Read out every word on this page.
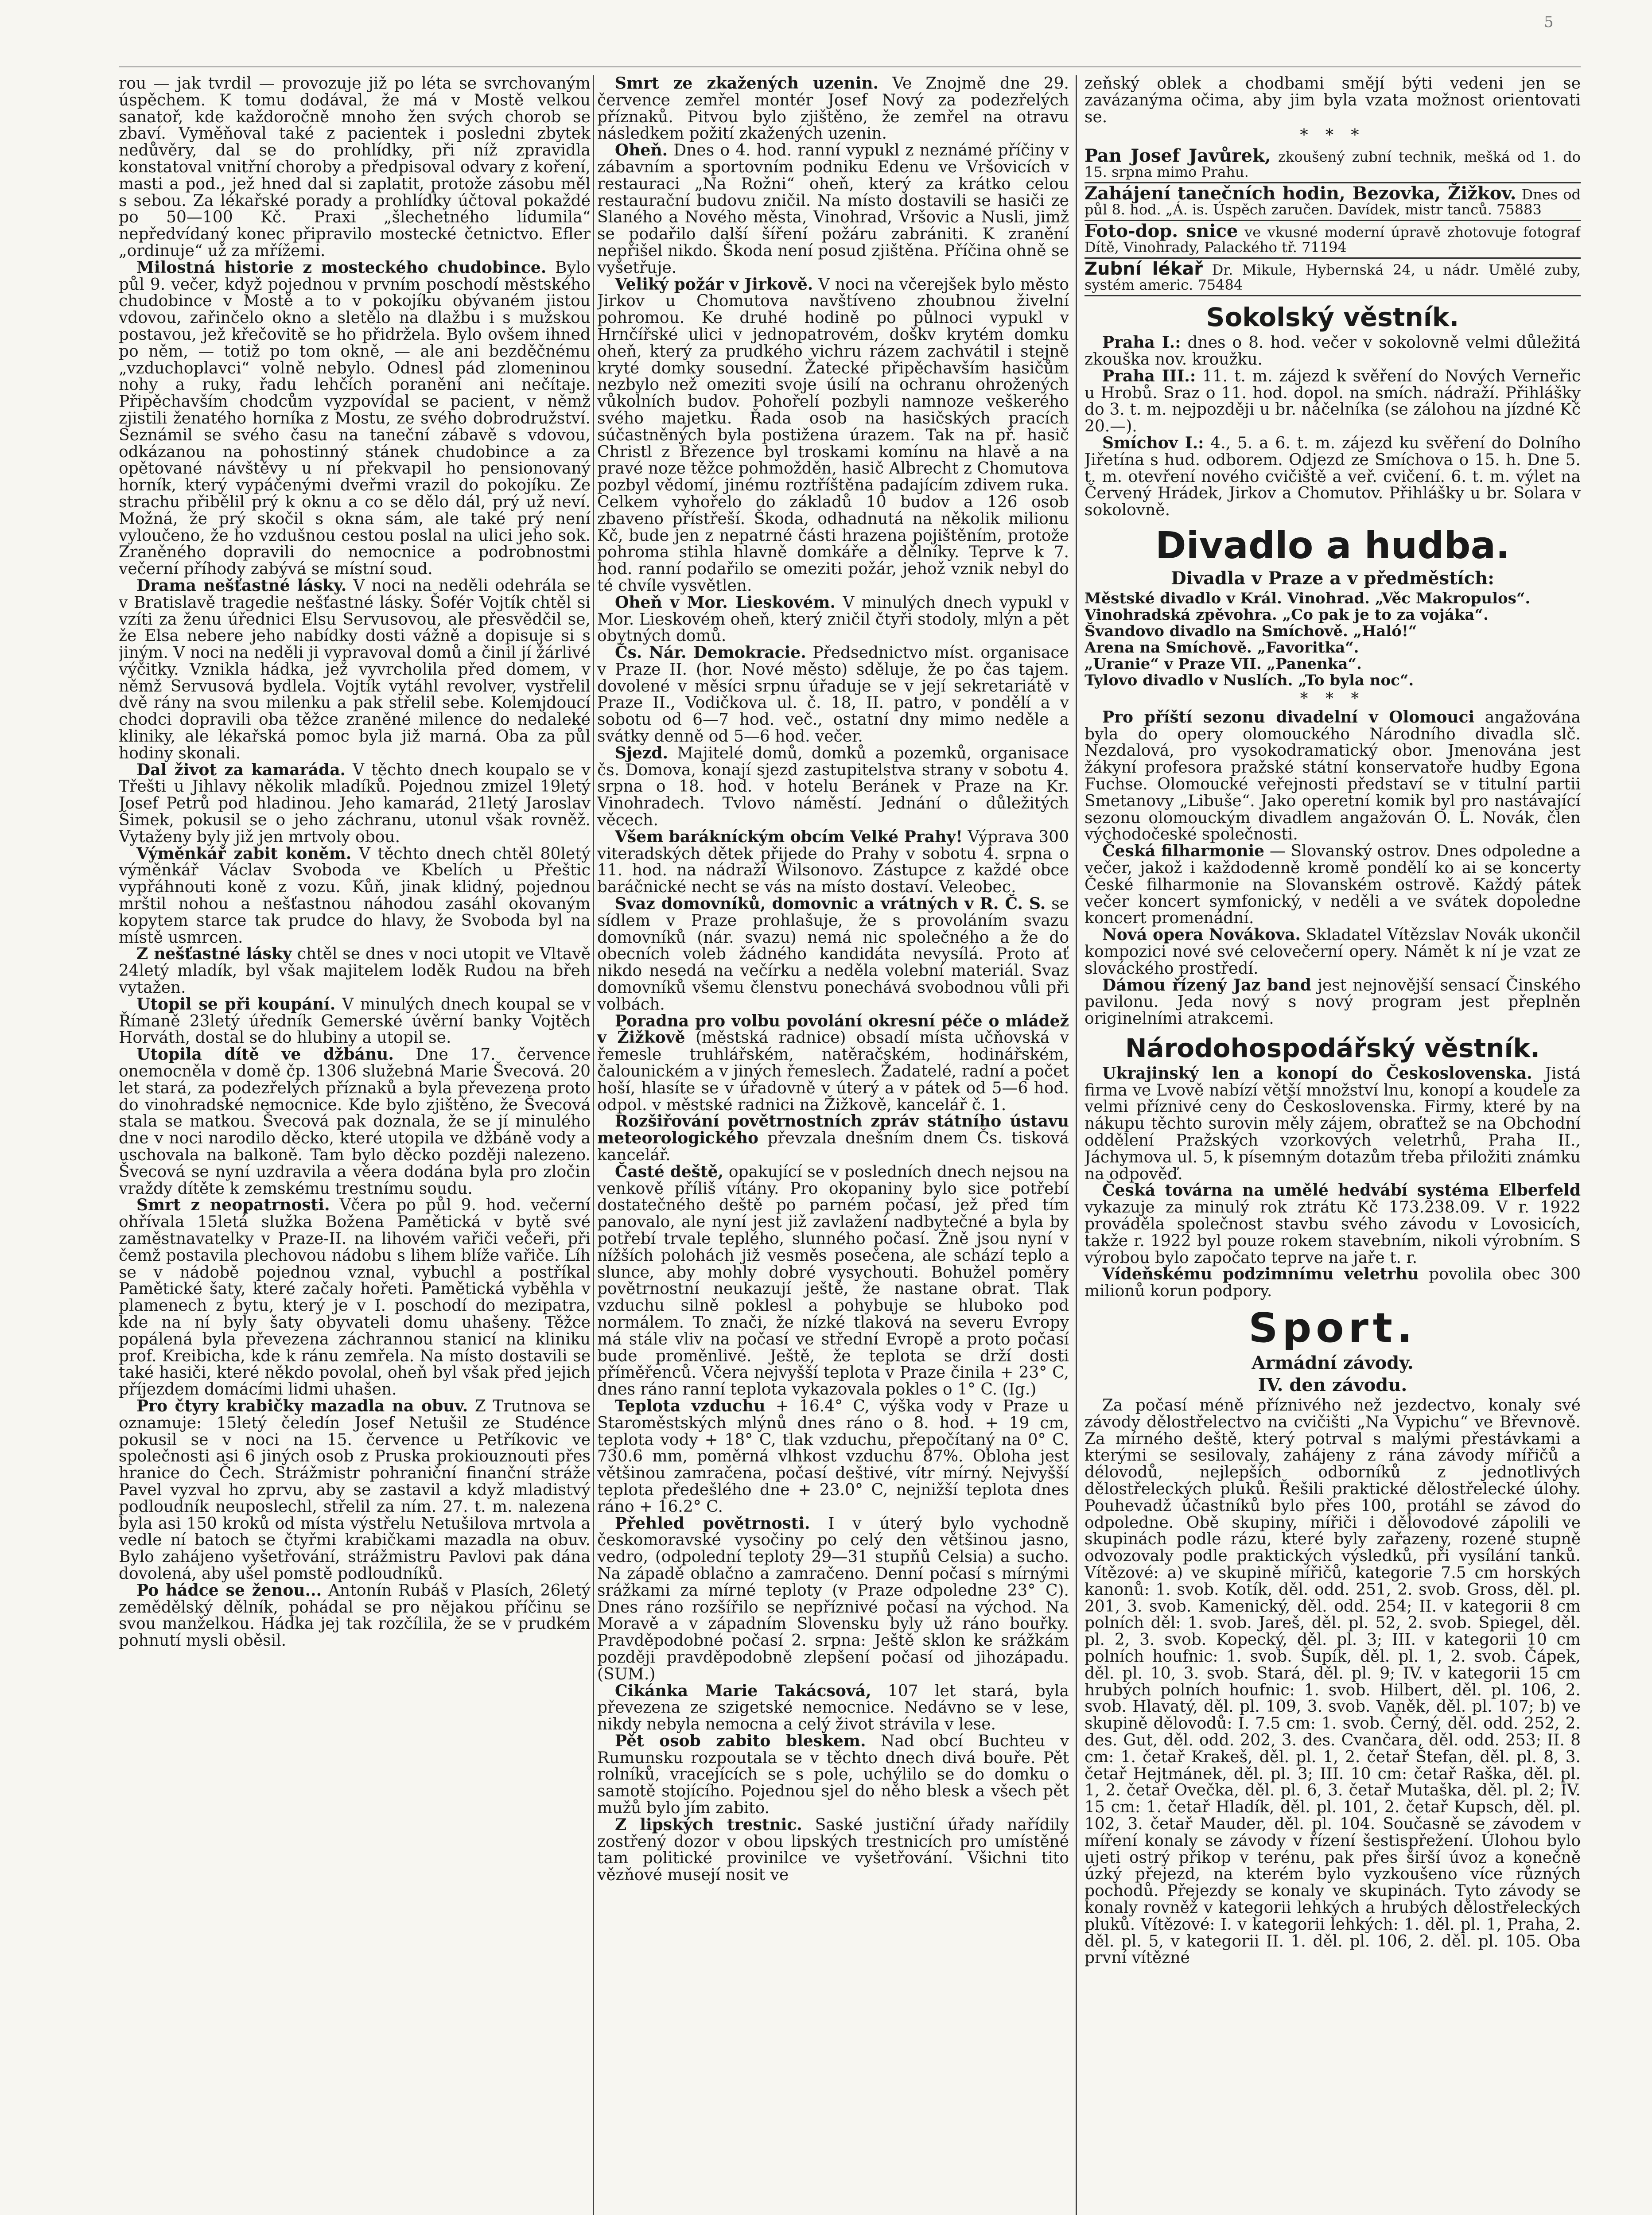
5

rou — jak tvrdil — provozuje již po léta se svrchovaným úspěchem. K tomu dodával, že má v Mostě velkou sanatoř, kde každoročně mnoho žen svých chorob se zbaví. Vyměňoval také z pacientek i posledni zbytek nedůvěry, dal se do prohlídky, při níž zpravidla konstatoval vnitřní choroby a předpisoval odvary z koření, masti a pod., jež hned dal si zaplatit, protože zásobu měl s sebou. Za lékařské porady a prohlídky účtoval pokaždé po 50—100 Kč. Praxi „šlechetného lidumila“ nepředvídaný konec připravilo mostecké četnictvo. Efler „ordinuje“ už za mřížemi.

Milostná historie z mosteckého chudobince. Bylo půl 9. večer, když pojednou v prvním poschodí městského chudobince v Mostě a to v pokojíku obývaném jistou vdovou, zařinčelo okno a sletělo na dlažbu i s mužskou postavou, jež křečovitě se ho přidržela. Bylo ovšem ihned po něm, — totiž po tom okně, — ale ani bezděčnému „vzduchoplavci“ volně nebylo. Odnesl pád zlomeninou nohy a ruky, řadu lehčích poranění ani nečítaje. Připěchavším chodcům vyzpovídal se pacient, v němž zjistili ženatého horníka z Mostu, ze svého dobrodružství. Seznámil se svého času na taneční zábavě s vdovou, odkázanou na pohostinný stánek chudobince a za opětované návštěvy u ní překvapil ho pensionovaný horník, který vypáčenými dveřmi vrazil do pokojíku. Ze strachu přibělil prý k oknu a co se dělo dál, prý už neví. Možná, že prý skočil s okna sám, ale také prý není vyloučeno, že ho vzdušnou cestou poslal na ulici jeho sok. Zraněného dopravili do nemocnice a podrobnostmi večerní příhody zabývá se místní soud.

Drama nešťastné lásky. V noci na neděli odehrála se v Bratislavě tragedie nešťastné lásky. Šofér Vojtík chtěl si vzíti za ženu úřednici Elsu Servusovou, ale přesvědčil se, že Elsa nebere jeho nabídky dosti vážně a dopisuje si s jiným. V noci na neděli ji vypravoval domů a činil jí žárlivé výčitky. Vznikla hádka, jež vyvrcholila před domem, v němž Servusová bydlela. Vojtík vytáhl revolver, vystřelil dvě rány na svou milenku a pak střelil sebe. Kolemjdoucí chodci dopravili oba těžce zraněné milence do nedaleké kliniky, ale lékařská pomoc byla již marná. Oba za půl hodiny skonali.

Dal život za kamaráda. V těchto dnech koupalo se v Třešti u Jihlavy několik mladíků. Pojednou zmizel 19letý Josef Petrů pod hladinou. Jeho kamarád, 21letý Jaroslav Šimek, pokusil se o jeho záchranu, utonul však rovněž. Vytaženy byly již jen mrtvoly obou.

Výměnkář zabit koněm. V těchto dnech chtěl 80letý výměnkář Václav Svoboda ve Kbelích u Přeštic vypřáhnouti koně z vozu. Kůň, jinak klidný, pojednou mrštil nohou a nešťastnou náhodou zasáhl okovaným kopytem starce tak prudce do hlavy, že Svoboda byl na místě usmrcen.

Z nešťastné lásky chtěl se dnes v noci utopit ve Vltavě 24letý mladík, byl však majitelem loděk Rudou na břeh vytažen.

Utopil se při koupání. V minulých dnech koupal se v Římaně 23letý úředník Gemerské úvěrní banky Vojtěch Horváth, dostal se do hlubiny a utopil se.

Utopila dítě ve džbánu. Dne 17. července onemocněla v domě čp. 1306 služebná Marie Švecová. 20 let stará, za podezřelých příznaků a byla převezena proto do vinohradské nemocnice. Kde bylo zjištěno, že Švecová stala se matkou. Švecová pak doznala, že se jí minulého dne v noci narodilo děcko, které utopila ve džbáně vody a uschovala na balkoně. Tam bylo děcko později nalezeno. Švecová se nyní uzdravila a věera dodána byla pro zločin vraždy dítěte k zemskému trestnímu soudu.

Smrt z neopatrnosti. Včera po půl 9. hod. večerní ohřívala 15letá služka Božena Pamětická v bytě své zaměstnavatelky v Praze-II. na lihovém vařiči večeři, při čemž postavila plechovou nádobu s lihem blíže vařiče. Líh se v nádobě pojednou vznal, vybuchl a postříkal Pamětické šaty, které začaly hořeti. Pamětická vyběhla v plamenech z bytu, který je v I. poschodí do mezipatra, kde na ní byly šaty obyvateli domu uhašeny. Těžce popálená byla převezena záchrannou stanicí na kliniku prof. Kreibicha, kde k ránu zemřela. Na místo dostavili se také hasiči, které někdo povolal, oheň byl však před jejich příjezdem domácími lidmi uhašen.

Pro čtyry krabičky mazadla na obuv. Z Trutnova se oznamuje: 15letý čeledín Josef Netušil ze Studénce pokusil se v noci na 15. července u Petříkovic ve společnosti asi 6 jiných osob z Pruska prokiouznouti přes hranice do Čech. Strážmistr pohraniční finanční stráže Pavel vyzval ho zprvu, aby se zastavil a když mladistvý podloudník neuposlechl, střelil za ním. 27. t. m. nalezena byla asi 150 kroků od místa výstřelu Netušilova mrtvola a vedle ní batoch se čtyřmi krabičkami mazadla na obuv. Bylo zahájeno vyšetřování, strážmistru Pavlovi pak dána dovolená, aby ušel pomstě podloudníků.

Po hádce se ženou... Antonín Rubáš v Plasích, 26letý zemědělský dělník, pohádal se pro nějakou příčinu se svou manželkou. Hádka jej tak rozčílila, že se v prudkém pohnutí mysli oběsil.

Smrt ze zkažených uzenin. Ve Znojmě dne 29. července zemřel montér Josef Nový za podezřelých příznaků. Pitvou bylo zjištěno, že zemřel na otravu následkem požití zkažených uzenin.

Oheň. Dnes o 4. hod. ranní vypukl z neznámé příčiny v zábavním a sportovním podniku Edenu ve Vršovicích v restauraci „Na Rožni“ oheň, který za krátko celou restaurační budovu zničil. Na místo dostavili se hasiči ze Slaného a Nového města, Vinohrad, Vršovic a Nusli, jimž se podařilo další šíření požáru zabrániti. K zranění nepřišel nikdo. Škoda není posud zjištěna. Příčina ohně se vyšetřuje.

Veliký požár v Jirkově. V noci na včerejšek bylo město Jirkov u Chomutova navštíveno zhoubnou živelní pohromou. Ke druhé hodině po půlnoci vypukl v Hrnčířské ulici v jednopatrovém, doškv krytém domku oheň, který za prudkého vichru rázem zachvátil i stejně kryté domky sousední. Žatecké připěchavším hasičům nezbylo než omeziti svoje úsilí na ochranu ohrožených vůkolních budov. Pohořelí pozbyli namnoze veškerého svého majetku. Řada osob na hasičských pracích súčastněných byla postižena úrazem. Tak na př. hasič Christl z Březence byl troskami komínu na hlavě a na pravé noze těžce pohmožděn, hasič Albrecht z Chomutova pozbyl vědomí, jinému roztříštěna padajícím zdivem ruka. Celkem vyhořelo do základů 10 budov a 126 osob zbaveno přístřeší. Škoda, odhadnutá na několik milionu Kč, bude jen z nepatrné části hrazena pojištěním, protože pohroma stihla hlavně domkáře a dělníky. Teprve k 7. hod. ranní podařilo se omeziti požár, jehož vznik nebyl do té chvíle vysvětlen.

Oheň v Mor. Lieskovém. V minulých dnech vypukl v Mor. Lieskovém oheň, který zničil čtyři stodoly, mlýn a pět obytných domů.

Čs. Nár. Demokracie. Předsednictvo míst. organisace v Praze II. (hor. Nové město) sděluje, že po čas tajem. dovolené v měsíci srpnu úřaduje se v její sekretariátě v Praze II., Vodičkova ul. č. 18, II. patro, v pondělí a v sobotu od 6—7 hod. več., ostatní dny mimo neděle a svátky denně od 5—6 hod. večer.

Sjezd. Majitelé domů, domků a pozemků, organisace čs. Domova, konají sjezd zastupitelstva strany v sobotu 4. srpna o 18. hod. v hotelu Beránek v Praze na Kr. Vinohradech. Tvlovo náměstí. Jednání o důležitých věcech.

Všem barákníckým obcím Velké Prahy! Výprava 300 viteradských dětek přijede do Prahy v sobotu 4. srpna o 11. hod. na nádraží Wilsonovo. Zástupce z každé obce baráčnické necht se vás na místo dostaví. Veleobec.

Svaz domovníků, domovnic a vrátných v R. Č. S. se sídlem v Praze prohlašuje, že s provoláním svazu domovníků (nár. svazu) nemá nic společného a že do obecních voleb žádného kandidáta nevysílá. Proto ať nikdo nesedá na večírku a neděla volební materiál. Svaz domovníků všemu členstvu ponechává svobodnou vůli při volbách.

Poradna pro volbu povolání okresní péče o mládež v Žižkově (městská radnice) obsadí místa učňovská v řemesle truhlářském, natěračském, hodinářském, čalounickém a v jiných řemeslech. Žadatelé, radní a počet hoší, hlasíte se v úřadovně v úterý a v pátek od 5—6 hod. odpol. v městské radnici na Žižkově, kancelář č. 1.

Rozšiřování povětrnostních zpráv státního ústavu meteorologického převzala dnešním dnem Čs. tisková kancelář.

Časté deště, opakující se v posledních dnech nejsou na venkově příliš vítány. Pro okopaniny bylo sice potřebí dostatečného deště po parném počasí, jež před tím panovalo, ale nyní jest již zavlažení nadbytečné a byla by potřebí trvale teplého, slunného počasí. Žně jsou nyní v nížších polohách již vesměs posečena, ale schází teplo a slunce, aby mohly dobré vysychouti. Bohužel poměry povětrnostní neukazují ještě, že nastane obrat. Tlak vzduchu silně poklesl a pohybuje se hluboko pod normálem. To znači, že nízké tlaková na severu Evropy má stále vliv na počasí ve střední Evropě a proto počasí bude proměnlivé. Ještě, že teplota se drží dosti příměřenců. Včera nejvyšší teplota v Praze činila + 23° C, dnes ráno ranní teplota vykazovala pokles o 1° C. (Ig.)

Teplota vzduchu + 16.4° C, výška vody v Praze u Staroměstských mlýnů dnes ráno o 8. hod. + 19 cm, teplota vody + 18° C, tlak vzduchu, přepočítaný na 0° C. 730.6 mm, poměrná vlhkost vzduchu 87%. Obloha jest většinou zamračena, počasí deštivé, vítr mírný. Nejvyšší teplota předešlého dne + 23.0° C, nejnižší teplota dnes ráno + 16.2° C.

Přehled povětrnosti. I v úterý bylo vychodně českomoravské vysočiny po celý den většinou jasno, vedro, (odpolední teploty 29—31 stupňů Celsia) a sucho. Na západě oblačno a zamračeno. Denní počasí s mírnými srážkami za mírné teploty (v Praze odpoledne 23° C). Dnes ráno rozšířilo se nepříznivé počasí na východ. Na Moravě a v západním Slovensku byly už ráno bouřky. Pravděpodobné počasí 2. srpna: Ještě sklon ke srážkám později pravděpodobně zlepšení počasí od jihozápadu. (SUM.)

Cikánka Marie Takácsová, 107 let stará, byla převezena ze szigetské nemocnice. Nedávno se v lese, nikdy nebyla nemocna a celý život strávila v lese.

Pět osob zabito bleskem. Nad obcí Buchteu v Rumunsku rozpoutala se v těchto dnech divá bouře. Pět rolníků, vracejících se s pole, uchýlilo se do domku o samotě stojícího. Pojednou sjel do něho blesk a všech pět mužů bylo jím zabito.

Z lipských trestnic. Saské justiční úřady nařídily zostřený dozor v obou lipských trestnicích pro umístěné tam politické provinilce ve vyšetřování. Všichni tito vězňové musejí nosit ve

zeňský oblek a chodbami smějí býti vedeni jen se zavázanýma očima, aby jim byla vzata možnost orientovati se.

* * *

Pan Josef Javůrek, zkoušený zubní technik, mešká od 1. do 15. srpna mimo Prahu.

Zahájení tanečních hodin, Bezovka, Žižkov. Dnes od půl 8. hod. „Á. is. Úspěch zaručen. Davídek, mistr tanců. 75883

Foto-dop. snice ve vkusné moderní úpravě zhotovuje fotograf Dítě, Vinohrady, Palackého tř. 71194

Zubní lékař Dr. Mikule, Hybernská 24, u nádr. Umělé zuby, systém americ. 75484

Sokolský věstník.

Praha I.: dnes o 8. hod. večer v sokolovně velmi důležitá zkouška nov. kroužku.

Praha III.: 11. t. m. zájezd k svěření do Nových Verneřic u Hrobů. Sraz o 11. hod. dopol. na smích. nádraží. Přihlášky do 3. t. m. nejpozději u br. náčelníka (se zálohou na jízdné Kč 20.—).

Smíchov I.: 4., 5. a 6. t. m. zájezd ku svěření do Dolního Jiřetína s hud. odborem. Odjezd ze Smíchova o 15. h. Dne 5. t. m. otevření nového cvičiště a veř. cvičení. 6. t. m. výlet na Červený Hrádek, Jirkov a Chomutov. Přihlášky u br. Solara v sokolovně.

Divadlo a hudba.
Divadla v Praze a v předměstích:
Městské divadlo v Král. Vinohrad. „Věc Makropulos“.
Vinohradská zpěvohra. „Co pak je to za vojáka“.
Švandovo divadlo na Smíchově. „Haló!“
Arena na Smíchově. „Favoritka“.
„Uranie“ v Praze VII. „Panenka“.
Tylovo divadlo v Nuslích. „To byla noc“.
* * *

Pro příští sezonu divadelní v Olomouci angažována byla do opery olomouckého Národního divadla slč. Nezdalová, pro vysokodramatický obor. Jmenována jest žákyní profesora pražské státní konservatoře hudby Egona Fuchse. Olomoucké veřejnosti představí se v titulní partii Smetanovy „Libuše“. Jako operetní komik byl pro nastávající sezonu olomouckým divadlem angažován O. L. Novák, člen východočeské společnosti.

Česká filharmonie — Slovanský ostrov. Dnes odpoledne a večer, jakož i každodenně kromě pondělí ko ai se koncerty České filharmonie na Slovanském ostrově. Každý pátek večer koncert symfonický, v neděli a ve svátek dopoledne koncert promenádní.

Nová opera Novákova. Skladatel Vítězslav Novák ukončil kompozici nové své celovečerní opery. Námět k ní je vzat ze slováckého prostředí.

Dámou řízený Jaz band jest nejnovější sensací Činského pavilonu. Jeda nový s nový program jest přeplněn originelními atrakcemi.

Národohospodářský věstník.

Ukrajinský len a konopí do Československa. Jistá firma ve Lvově nabízí větší množství lnu, konopí a koudele za velmi příznivé ceny do Československa. Firmy, které by na nákupu těchto surovin měly zájem, obraťtež se na Obchodní oddělení Pražských vzorkových veletrhů, Praha II., Jáchymova ul. 5, k písemným dotazům třeba přiložiti známku na odpověď.

Česká továrna na umělé hedvábí systéma Elberfeld vykazuje za minulý rok ztrátu Kč 173.238.09. V r. 1922 prováděla společnost stavbu svého závodu v Lovosicích, takže r. 1922 byl pouze rokem stavebním, nikoli výrobním. S výrobou bylo započato teprve na jaře t. r.

Vídeňskému podzimnímu veletrhu povolila obec 300 milionů korun podpory.

Sport.
Armádní závody.
IV. den závodu.

Za počasí méně příznivého než jezdectvo, konaly své závody dělostřelectvo na cvičišti „Na Vypichu“ ve Břevnově. Za mírného deště, který potrval s malými přestávkami a kterými se sesilovaly, zahájeny z rána závody mířičů a délovodů, nejlepších odborníků z jednotlivých dělostřeleckých pluků. Řešili praktické dělostřelecké úlohy. Pouhevadž účastníků bylo přes 100, protáhl se závod do odpoledne. Obě skupiny, mířiči i dělovodové zápolili ve skupinách podle rázu, které byly zařazeny, rozené stupně odvozovaly podle praktických výsledků, při vysílání tanků. Vítězové: a) ve skupině mířičů, kategorie 7.5 cm horských kanonů: 1. svob. Kotík, děl. odd. 251, 2. svob. Gross, děl. pl. 201, 3. svob. Kamenický, děl. odd. 254; II. v kategorii 8 cm polních děl: 1. svob. Jareš, děl. pl. 52, 2. svob. Spiegel, děl. pl. 2, 3. svob. Kopecký, děl. pl. 3; III. v kategorii 10 cm polních houfnic: 1. svob. Šupík, děl. pl. 1, 2. svob. Čápek, děl. pl. 10, 3. svob. Stará, děl. pl. 9; IV. v kategorii 15 cm hrubých polních houfnic: 1. svob. Hilbert, děl. pl. 106, 2. svob. Hlavatý, děl. pl. 109, 3. svob. Vaněk, děl. pl. 107; b) ve skupině dělovodů: I. 7.5 cm: 1. svob. Černý, děl. odd. 252, 2. des. Gut, děl. odd. 202, 3. des. Cvančara, děl. odd. 253; II. 8 cm: 1. četař Krakeš, děl. pl. 1, 2. četař Štefan, děl. pl. 8, 3. četař Hejtmánek, děl. pl. 3; III. 10 cm: četař Raška, děl. pl. 1, 2. četař Ovečka, děl. pl. 6, 3. četař Mutaška, děl. pl. 2; IV. 15 cm: 1. četař Hladík, děl. pl. 101, 2. četař Kupsch, děl. pl. 102, 3. četař Mauder, děl. pl. 104. Současně se závodem v míření konaly se závody v řízení šestispřežení. Úlohou bylo ujeti ostrý přikop v terénu, pak přes širší úvoz a konečně úzký přejezd, na kterém bylo vyzkoušeno více různých pochodů. Přejezdy se konaly ve skupinách. Tyto závody se konaly rovněž v kategorii lehkých a hrubých dělostřeleckých pluků. Vítězové: I. v kategorii lehkých: 1. děl. pl. 1, Praha, 2. děl. pl. 5, v kategorii II. 1. děl. pl. 106, 2. děl. pl. 105. Oba první vítězné
